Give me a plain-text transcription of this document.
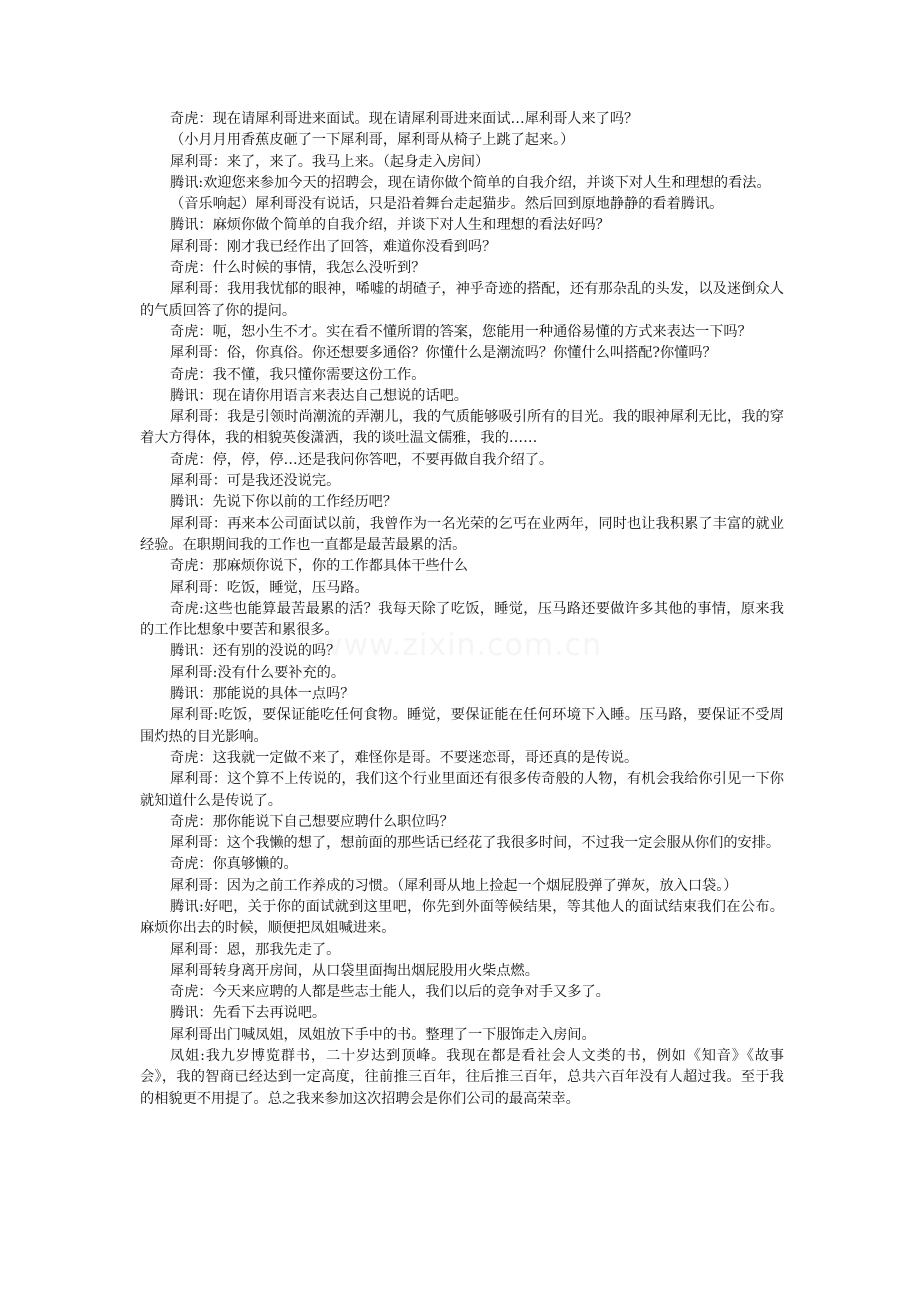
www.zixin.com.cn

奇虎：现在请犀利哥进来面试。现在请犀利哥进来面试…犀利哥人来了吗？

（小月月用香蕉皮砸了一下犀利哥，犀利哥从椅子上跳了起来。）

犀利哥：来了，来了。我马上来。（起身走入房间）

腾讯:欢迎您来参加今天的招聘会，现在请你做个简单的自我介绍，并谈下对人生和理想的看法。

（音乐响起）犀利哥没有说话，只是沿着舞台走起猫步。然后回到原地静静的看着腾讯。

腾讯：麻烦你做个简单的自我介绍，并谈下对人生和理想的看法好吗？

犀利哥：刚才我已经作出了回答，难道你没看到吗？

奇虎：什么时候的事情，我怎么没听到？

犀利哥：我用我忧郁的眼神，唏嘘的胡碴子，神乎奇迹的搭配，还有那杂乱的头发，以及迷倒众人的气质回答了你的提问。

奇虎：呃，恕小生不才。实在看不懂所谓的答案，您能用一种通俗易懂的方式来表达一下吗？

犀利哥：俗，你真俗。你还想要多通俗？你懂什么是潮流吗？你懂什么叫搭配?你懂吗？

奇虎：我不懂，我只懂你需要这份工作。

腾讯：现在请你用语言来表达自己想说的话吧。

犀利哥：我是引领时尚潮流的弄潮儿，我的气质能够吸引所有的目光。我的眼神犀利无比，我的穿着大方得体，我的相貌英俊潇洒，我的谈吐温文儒雅，我的……

奇虎：停，停，停…还是我问你答吧，不要再做自我介绍了。

犀利哥：可是我还没说完。

腾讯：先说下你以前的工作经历吧？

犀利哥：再来本公司面试以前，我曾作为一名光荣的乞丐在业两年，同时也让我积累了丰富的就业经验。在职期间我的工作也一直都是最苦最累的活。

奇虎：那麻烦你说下，你的工作都具体干些什么

犀利哥：吃饭，睡觉，压马路。

奇虎:这些也能算最苦最累的活？我每天除了吃饭，睡觉，压马路还要做许多其他的事情，原来我的工作比想象中要苦和累很多。

腾讯：还有别的没说的吗？

犀利哥:没有什么要补充的。

腾讯：那能说的具体一点吗？

犀利哥:吃饭，要保证能吃任何食物。睡觉，要保证能在任何环境下入睡。压马路，要保证不受周围灼热的目光影响。

奇虎：这我就一定做不来了，难怪你是哥。不要迷恋哥，哥还真的是传说。

犀利哥：这个算不上传说的，我们这个行业里面还有很多传奇般的人物，有机会我给你引见一下你就知道什么是传说了。

奇虎：那你能说下自己想要应聘什么职位吗？

犀利哥：这个我懒的想了，想前面的那些话已经花了我很多时间，不过我一定会服从你们的安排。

奇虎：你真够懒的。

犀利哥：因为之前工作养成的习惯。（犀利哥从地上捡起一个烟屁股弹了弹灰，放入口袋。）

腾讯:好吧，关于你的面试就到这里吧，你先到外面等候结果，等其他人的面试结束我们在公布。麻烦你出去的时候，顺便把凤姐喊进来。

犀利哥：恩，那我先走了。

犀利哥转身离开房间，从口袋里面掏出烟屁股用火柴点燃。

奇虎：今天来应聘的人都是些志士能人，我们以后的竞争对手又多了。

腾讯：先看下去再说吧。

犀利哥出门喊凤姐，凤姐放下手中的书。整理了一下服饰走入房间。

凤姐:我九岁博览群书，二十岁达到顶峰。我现在都是看社会人文类的书，例如《知音》《故事会》，我的智商已经达到一定高度，往前推三百年，往后推三百年，总共六百年没有人超过我。至于我的相貌更不用提了。总之我来参加这次招聘会是你们公司的最高荣幸。
